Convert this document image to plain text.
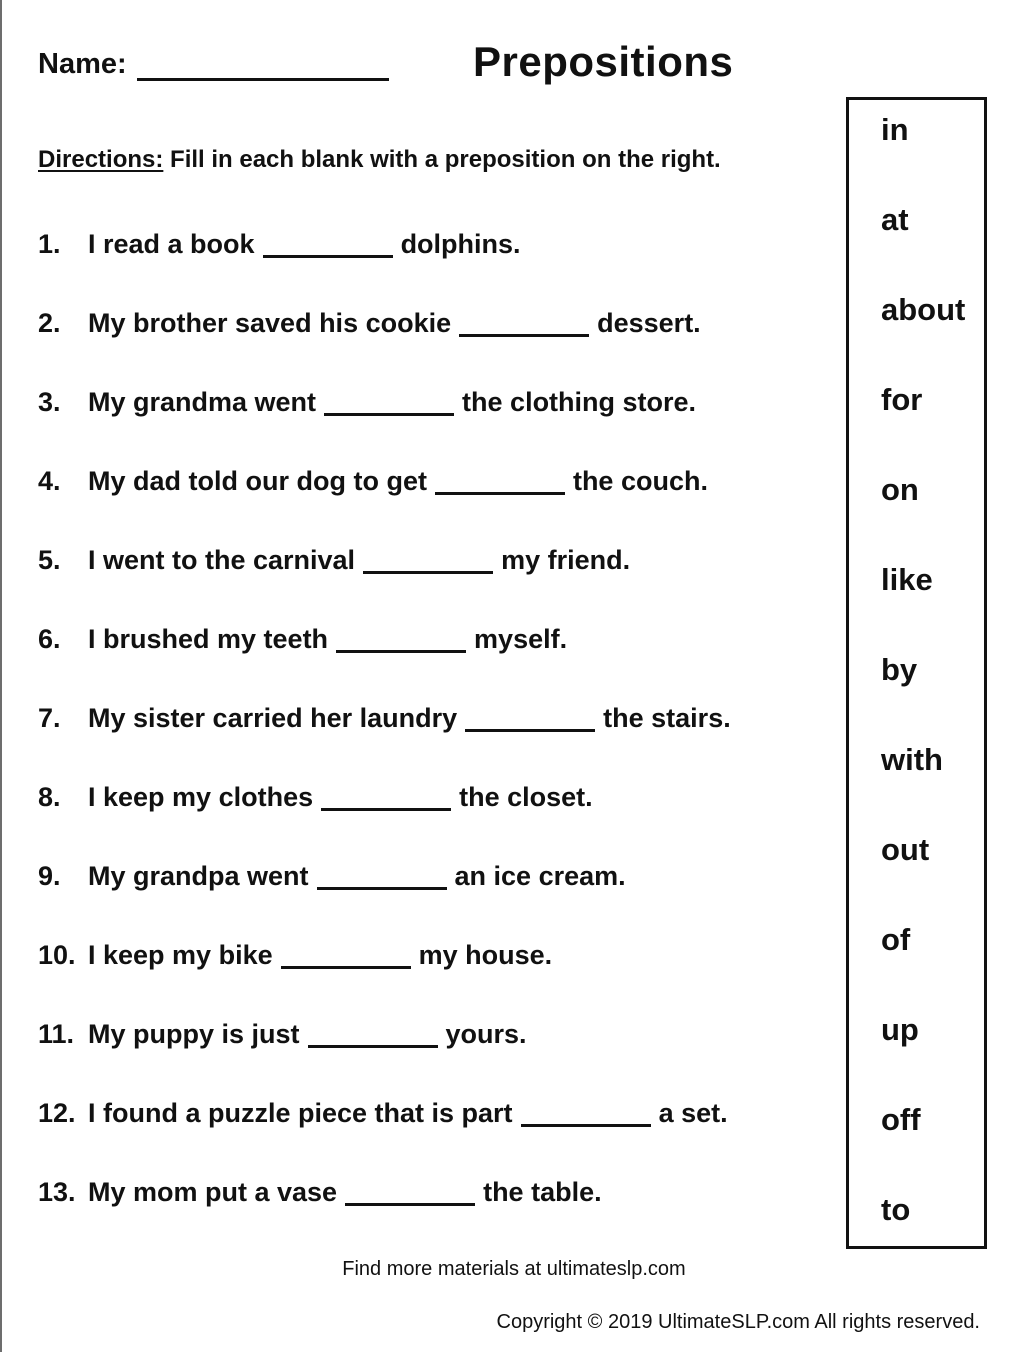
Name:	Prepositions
Directions: Fill in each blank with a preposition on the right.
1.	I read a book	dolphins.
2.	My brother saved his cookie	dessert.
3.	My grandma went	the clothing store.
4.	My dad told our dog to get	the couch.
5.	I went to the carnival	my friend.
6.	I brushed my teeth	myself.
7.	My sister carried her laundry	the stairs.
8.	I keep my clothes	the closet.
9.	My grandpa went	an ice cream.
10. I keep my bike	my house.
11. My puppy is just	yours.
12. I found a puzzle piece that is part	a set.
13. My mom put a vase	the table.
in
at
about
for
on
like
by
with
out
of
up
off
to
Find more materials at ultimateslp.com
Copyright © 2019 UltimateSLP.com All rights reserved.
